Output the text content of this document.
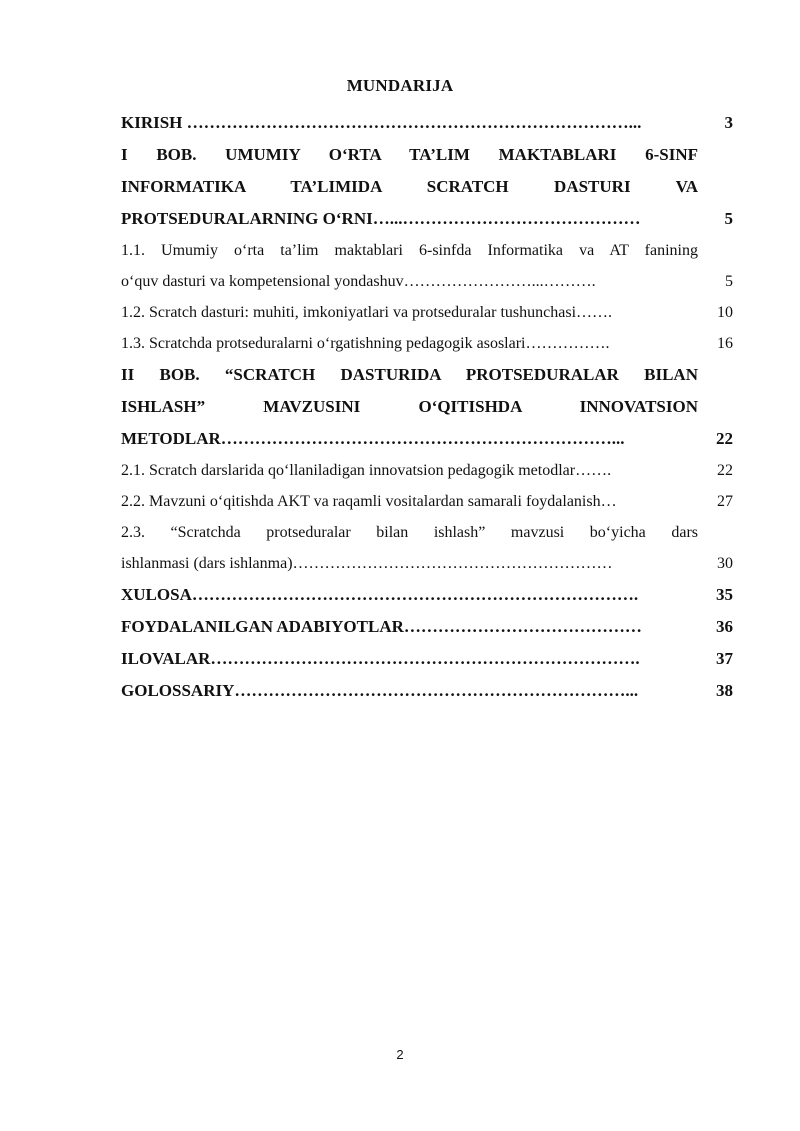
MUNDARIJA
KIRISH ……………………………………………………………………...	3
I BOB. UMUMIY O‘RTA TA’LIM MAKTABLARI 6-SINF
INFORMATIKA TA’LIMIDA SCRATCH DASTURI VA
PROTSEDURALARNING O‘RNI…...……………………………………	5
1.1. Umumiy o‘rta ta’lim maktablari 6-sinfda Informatika va AT fanining
o‘quv dasturi va kompetensional yondashuv……………………...……….	5
1.2. Scratch dasturi: muhiti, imkoniyatlari va protseduralar tushunchasi…….	10
1.3. Scratchda protseduralarni o‘rgatishning pedagogik asoslari…………….	16
II BOB. “SCRATCH DASTURIDA PROTSEDURALAR BILAN
ISHLASH” MAVZUSINI O‘QITISHDA INNOVATSION
METODLAR……………………………………………………………...	22
2.1. Scratch darslarida qo‘llaniladigan innovatsion pedagogik metodlar…….	22
2.2. Mavzuni o‘qitishda AKT va raqamli vositalardan samarali foydalanish…	27
2.3. “Scratchda protseduralar bilan ishlash” mavzusi bo‘yicha dars
ishlanmasi (dars ishlanma)……………………………………………………	30
XULOSA…………………………………………………………………….	35
FOYDALANILGAN ADABIYOTLAR……………………………………	36
ILOVALAR………………………………………………………………….	37
GOLOSSARIY……………………………………………………………...	38
2
